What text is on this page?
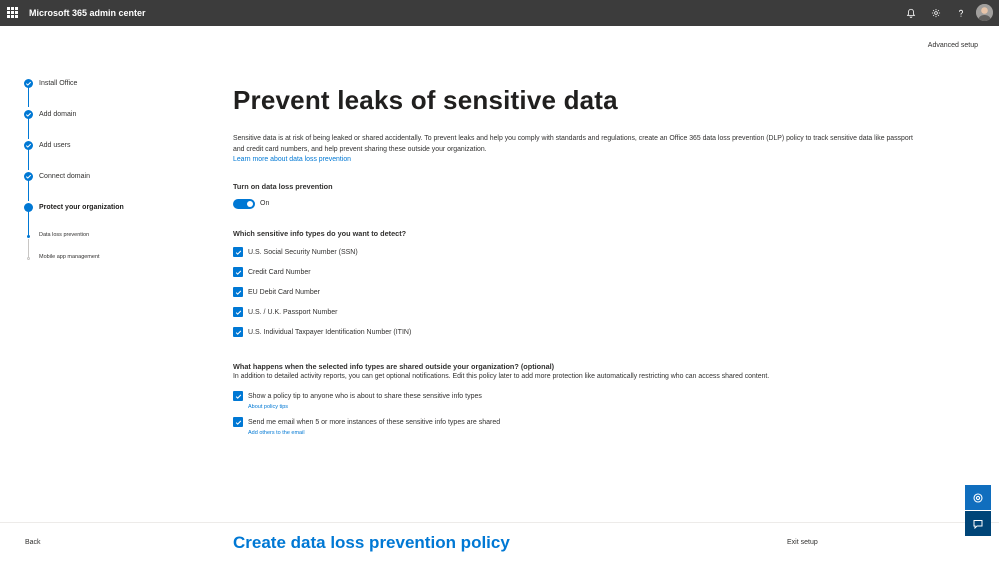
Microsoft 365 admin center
Advanced setup
Install Office
Add domain
Add users
Connect domain
Protect your organization
Data loss prevention
Mobile app management
Prevent leaks of sensitive data

Sensitive data is at risk of being leaked or shared accidentally. To prevent leaks and help you comply with standards and regulations, create an Office 365 data loss prevention (DLP) policy to track sensitive data like passport and credit card numbers, and help prevent sharing these outside your organization.
Learn more about data loss prevention

Turn on data loss prevention
On
Which sensitive info types do you want to detect?
U.S. Social Security Number (SSN)
Credit Card Number
EU Debit Card Number
U.S. / U.K. Passport Number
U.S. Individual Taxpayer Identification Number (ITIN)
What happens when the selected info types are shared outside your organization? (optional)
In addition to detailed activity reports, you can get optional notifications. Edit this policy later to add more protection like automatically restricting who can access shared content.
Show a policy tip to anyone who is about to share these sensitive info types
About policy tips
Send me email when 5 or more instances of these sensitive info types are shared
Add others to the email
Back	Create data loss prevention policy	Exit setup
